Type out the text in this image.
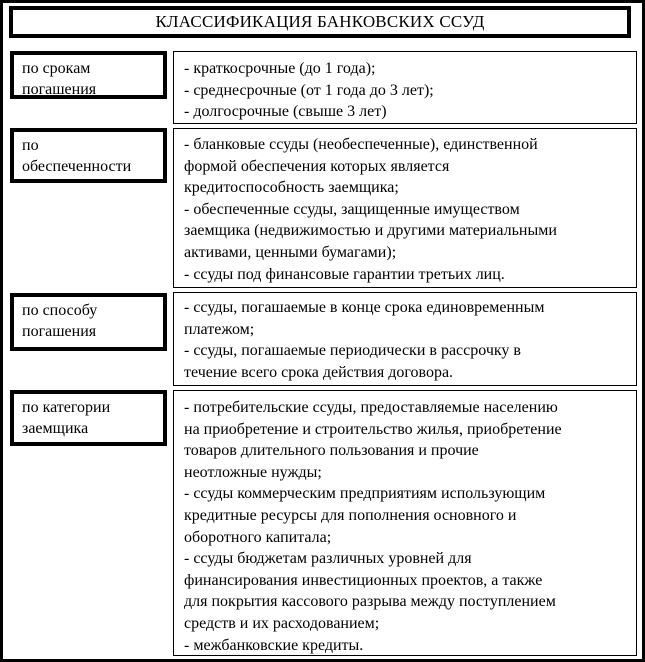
КЛАССИФИКАЦИЯ БАНКОВСКИХ ССУД
по срокам
погашения
- краткосрочные (до 1 года);
- среднесрочные (от 1 года до 3 лет);
- долгосрочные (свыше 3 лет)
по
обеспеченности
- бланковые ссуды (необеспеченные), единственной
формой обеспечения которых является
кредитоспособность заемщика;
- обеспеченные ссуды, защищенные имуществом
заемщика (недвижимостью и другими материальными
активами, ценными бумагами);
- ссуды под финансовые гарантии третьих лиц.
по способу
погашения
- ссуды, погашаемые в конце срока единовременным
платежом;
- ссуды, погашаемые периодически в рассрочку в
течение всего срока действия договора.
по категории
заемщика
- потребительские ссуды, предоставляемые населению
на приобретение и строительство жилья, приобретение
товаров длительного пользования и прочие
неотложные нужды;
- ссуды коммерческим предприятиям использующим
кредитные ресурсы для пополнения основного и
оборотного капитала;
- ссуды бюджетам различных уровней для
финансирования инвестиционных проектов, а также
для покрытия кассового разрыва между поступлением
средств и их расходованием;
- межбанковские кредиты.
